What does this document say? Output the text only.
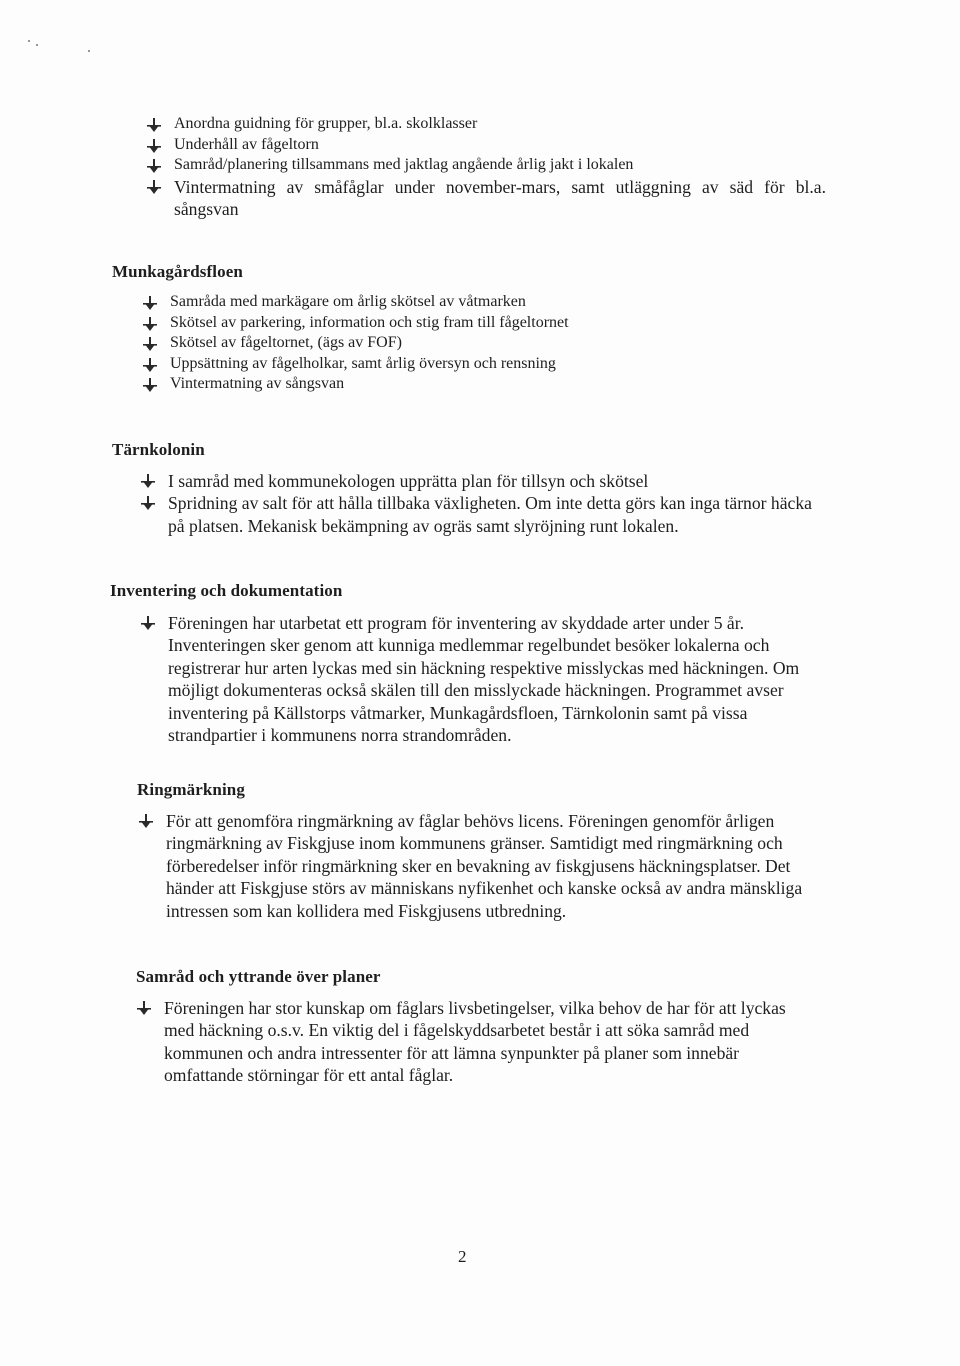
Anordna guidning för grupper, bl.a. skolklasser
Underhåll av fågeltorn
Samråd/planering tillsammans med jaktlag angående årlig jakt i lokalen
Vintermatning av småfåglar under november-mars, samt utläggning av säd för bl.a. sångsvan
Munkagårdsfloen
Samråda med markägare om årlig skötsel av våtmarken
Skötsel av parkering, information och stig fram till fågeltornet
Skötsel av fågeltornet, (ägs av FOF)
Uppsättning av fågelholkar, samt årlig översyn och rensning
Vintermatning av sångsvan
Tärnkolonin
I samråd med kommunekologen upprätta plan för tillsyn och skötsel
Spridning av salt för att hålla tillbaka växligheten. Om inte detta görs kan inga tärnor häcka på platsen. Mekanisk bekämpning av ogräs samt slyröjning runt lokalen.
Inventering och dokumentation
Föreningen har utarbetat ett program för inventering av skyddade arter under 5 år. Inventeringen sker genom att kunniga medlemmar regelbundet besöker lokalerna och registrerar hur arten lyckas med sin häckning respektive misslyckas med häckningen. Om möjligt dokumenteras också skälen till den misslyckade häckningen. Programmet avser inventering på Källstorps våtmarker, Munkagårdsfloen, Tärnkolonin samt på vissa strandpartier i kommunens norra strandområden.
Ringmärkning
För att genomföra ringmärkning av fåglar behövs licens. Föreningen genomför årligen ringmärkning av Fiskgjuse inom kommunens gränser. Samtidigt med ringmärkning och förberedelser inför ringmärkning sker en bevakning av fiskgjusens häckningsplatser. Det händer att Fiskgjuse störs av människans nyfikenhet och kanske också av andra mänskliga intressen som kan kollidera med Fiskgjusens utbredning.
Samråd och yttrande över planer
Föreningen har stor kunskap om fåglars livsbetingelser, vilka behov de har för att lyckas med häckning o.s.v. En viktig del i fågelskyddsarbetet består i att söka samråd med kommunen och andra intressenter för att lämna synpunkter på planer som innebär omfattande störningar för ett antal fåglar.
2
